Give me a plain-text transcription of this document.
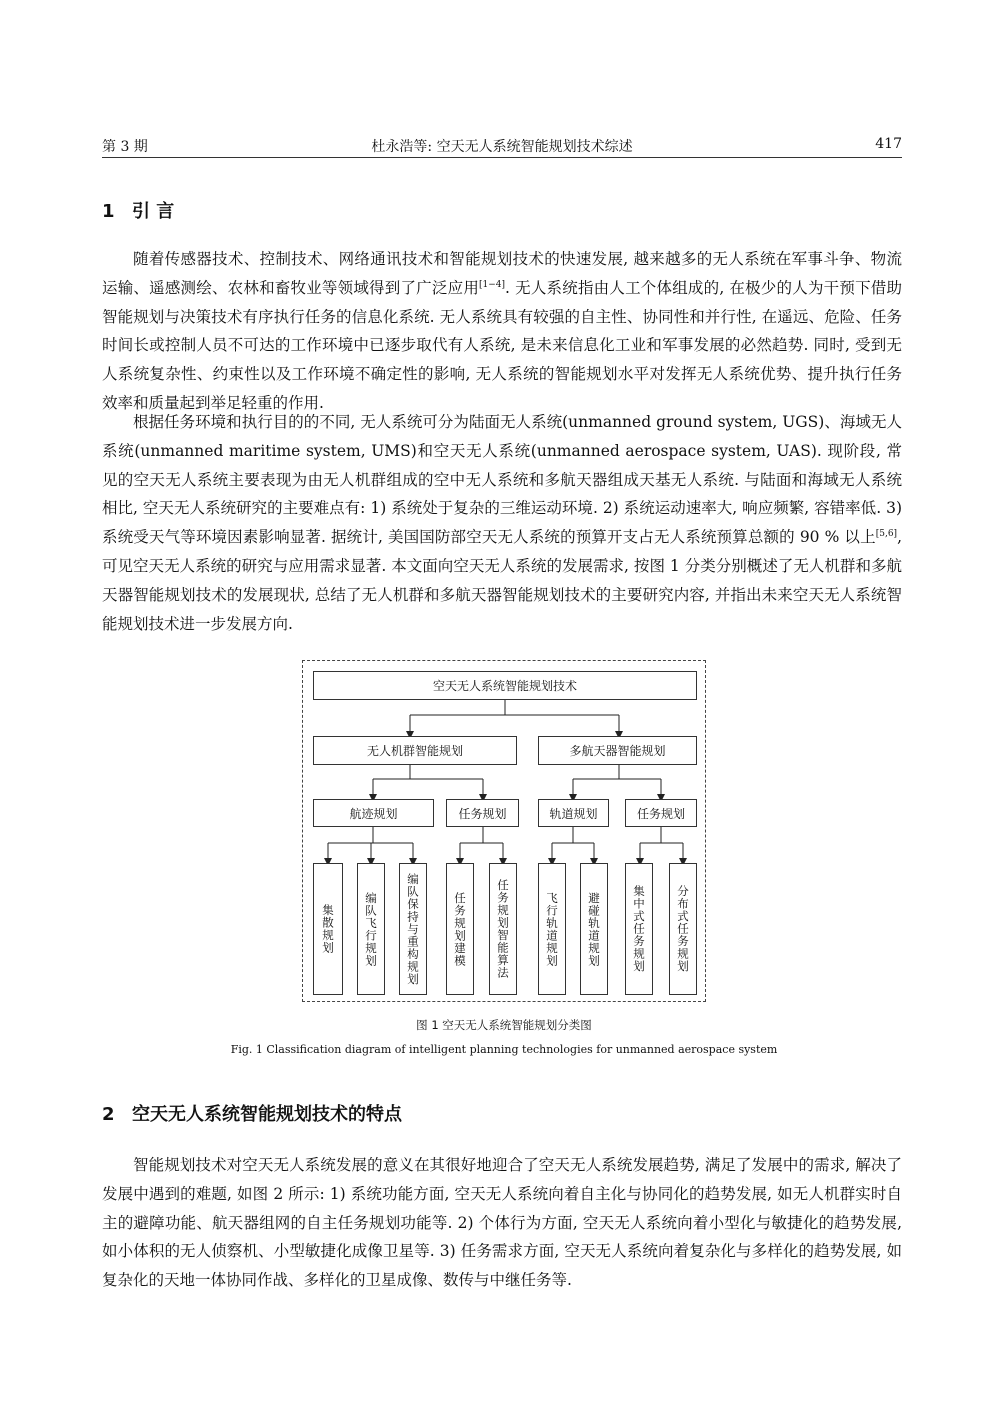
第 3 期	杜永浩等: 空天无人系统智能规划技术综述	417
1 引 言

随着传感器技术、控制技术、网络通讯技术和智能规划技术的快速发展, 越来越多的无人系统在军事斗争、物流运输、遥感测绘、农林和畜牧业等领域得到了广泛应用[1−4]. 无人系统指由人工个体组成的, 在极少的人为干预下借助智能规划与决策技术有序执行任务的信息化系统. 无人系统具有较强的自主性、协同性和并行性, 在遥远、危险、任务时间长或控制人员不可达的工作环境中已逐步取代有人系统, 是未来信息化工业和军事发展的必然趋势. 同时, 受到无人系统复杂性、约束性以及工作环境不确定性的影响, 无人系统的智能规划水平对发挥无人系统优势、提升执行任务效率和质量起到举足轻重的作用.

根据任务环境和执行目的的不同, 无人系统可分为陆面无人系统(unmanned ground system, UGS)、海域无人系统(unmanned maritime system, UMS)和空天无人系统(unmanned aerospace system, UAS). 现阶段, 常见的空天无人系统主要表现为由无人机群组成的空中无人系统和多航天器组成天基无人系统. 与陆面和海域无人系统相比, 空天无人系统研究的主要难点有: 1) 系统处于复杂的三维运动环境. 2) 系统运动速率大, 响应频繁, 容错率低. 3)系统受天气等环境因素影响显著. 据统计, 美国国防部空天无人系统的预算开支占无人系统预算总额的 90 % 以上[5,6], 可见空天无人系统的研究与应用需求显著. 本文面向空天无人系统的发展需求, 按图 1 分类分别概述了无人机群和多航天器智能规划技术的发展现状, 总结了无人机群和多航天器智能规划技术的主要研究内容, 并指出未来空天无人系统智能规划技术进一步发展方向.

空天无人系统智能规划技术
无人机群智能规划	多航天器智能规划
航迹规划	任务规划	轨道规划	任务规划
集散规划	编队飞行规划	编队保持与重构规划	任务规划建模	任务规划智能算法	飞行轨道规划	避碰轨道规划	集中式任务规划	分布式任务规划
图 1 空天无人系统智能规划分类图
Fig. 1 Classification diagram of intelligent planning technologies for unmanned aerospace system
2 空天无人系统智能规划技术的特点

智能规划技术对空天无人系统发展的意义在其很好地迎合了空天无人系统发展趋势, 满足了发展中的需求, 解决了发展中遇到的难题, 如图 2 所示: 1) 系统功能方面, 空天无人系统向着自主化与协同化的趋势发展, 如无人机群实时自主的避障功能、航天器组网的自主任务规划功能等. 2) 个体行为方面, 空天无人系统向着小型化与敏捷化的趋势发展, 如小体积的无人侦察机、小型敏捷化成像卫星等. 3) 任务需求方面, 空天无人系统向着复杂化与多样化的趋势发展, 如复杂化的天地一体协同作战、多样化的卫星成像、数传与中继任务等.
